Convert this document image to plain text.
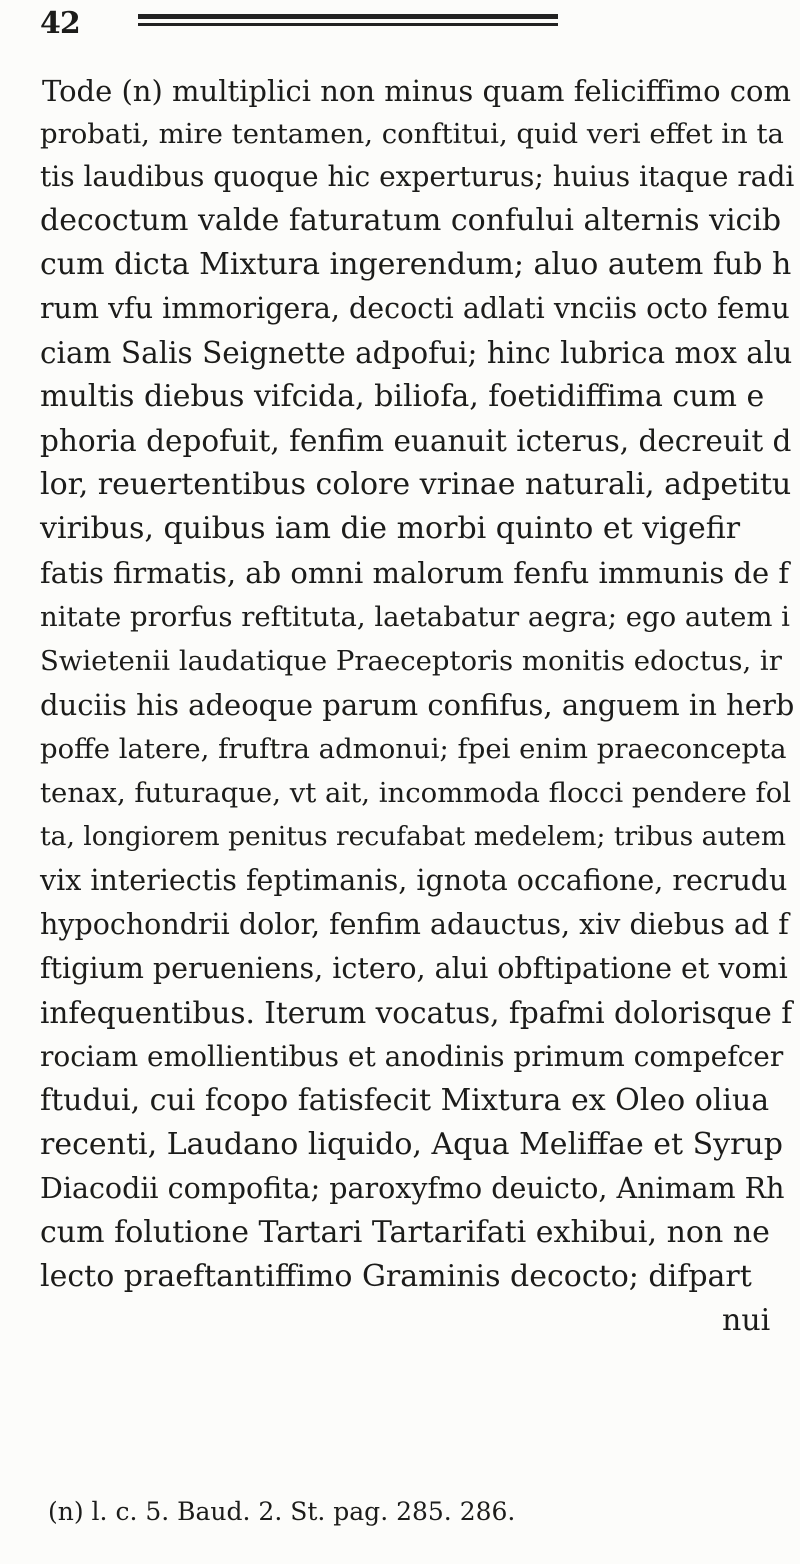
42
Tode (n) multiplici non minus quam feliciffimo com
probati, mire tentamen, conftitui, quid veri effet in ta
tis laudibus quoque hic experturus; huius itaque radi
decoctum valde faturatum confului alternis vicib
cum dicta Mixtura ingerendum; aluo autem fub h
rum vfu immorigera, decocti adlati vnciis octo femu
ciam Salis Seignette adpofui; hinc lubrica mox alu
multis diebus vifcida, biliofa, foetidiffima cum e
phoria depofuit, fenfim euanuit icterus, decreuit d
lor, reuertentibus colore vrinae naturali, adpetitu
viribus, quibus iam die morbi quinto et vigefir
fatis firmatis, ab omni malorum fenfu immunis de f
nitate prorfus reftituta, laetabatur aegra; ego autem i
Swietenii laudatique Praeceptoris monitis edoctus, ir
duciis his adeoque parum confifus, anguem in herb
poffe latere, fruftra admonui; fpei enim praeconcepta
tenax, futuraque, vt ait, incommoda flocci pendere fol
ta, longiorem penitus recufabat medelem; tribus autem
vix interiectis feptimanis, ignota occafione, recrudu
hypochondrii dolor, fenfim adauctus, xiv diebus ad f
ftigium perueniens, ictero, alui obftipatione et vomi
infequentibus. Iterum vocatus, fpafmi dolorisque f
rociam emollientibus et anodinis primum compefcer
ftudui, cui fcopo fatisfecit Mixtura ex Oleo oliua
recenti, Laudano liquido, Aqua Meliffae et Syrup
Diacodii compofita; paroxyfmo deuicto, Animam Rh
cum folutione Tartari Tartarifati exhibui, non ne
lecto praeftantiffimo Graminis decocto; difpart
nui
(n) l. c. 5. Baud. 2. St. pag. 285. 286.
